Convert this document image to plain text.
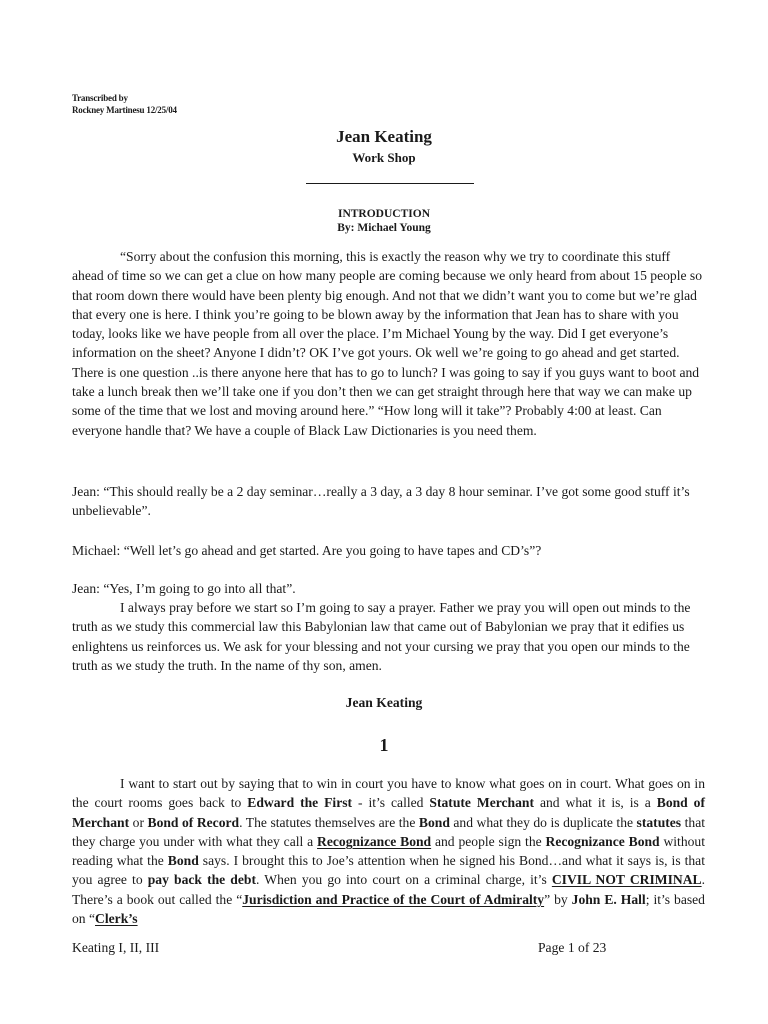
Transcribed by
Rockney Martinesu 12/25/04
Jean Keating
Work Shop
INTRODUCTION
By: Michael Young
“Sorry about the confusion this morning, this is exactly the reason why we try to coordinate this stuff ahead of time so we can get a clue on how many people are coming because we only heard from about 15 people so that room down there would have been plenty big enough. And not that we didn’t want you to come but we’re glad that every one is here. I think you’re going to be blown away by the information that Jean has to share with you today, looks like we have people from all over the place. I’m Michael Young by the way. Did I get everyone’s information on the sheet? Anyone I didn’t? OK I’ve got yours. Ok well we’re going to go ahead and get started. There is one question ..is there anyone here that has to go to lunch? I was going to say if you guys want to boot and take a lunch break then we’ll take one if you don’t then we can get straight through here that way we can make up some of the time that we lost and moving around here.” “How long will it take”? Probably 4:00 at least. Can everyone handle that? We have a couple of Black Law Dictionaries is you need them.
Jean: “This should really be a 2 day seminar…really a 3 day, a 3 day 8 hour seminar. I’ve got some good stuff it’s unbelievable”.
Michael: “Well let’s go ahead and get started. Are you going to have tapes and CD’s”?
Jean: “Yes, I’m going to go into all that”.
I always pray before we start so I’m going to say a prayer. Father we pray you will open out minds to the truth as we study this commercial law this Babylonian law that came out of Babylonian we pray that it edifies us enlightens us reinforces us. We ask for your blessing and not your cursing we pray that you open our minds to the truth as we study the truth. In the name of thy son, amen.
Jean Keating
1
I want to start out by saying that to win in court you have to know what goes on in court. What goes on in the court rooms goes back to Edward the First - it’s called Statute Merchant and what it is, is a Bond of Merchant or Bond of Record. The statutes themselves are the Bond and what they do is duplicate the statutes that they charge you under with what they call a Recognizance Bond and people sign the Recognizance Bond without reading what the Bond says. I brought this to Joe’s attention when he signed his Bond…and what it says is, is that you agree to pay back the debt. When you go into court on a criminal charge, it’s CIVIL NOT CRIMINAL. There’s a book out called the “Jurisdiction and Practice of the Court of Admiralty” by John E. Hall; it’s based on “Clerk’s
Keating I, II, III	Page 1 of 23
